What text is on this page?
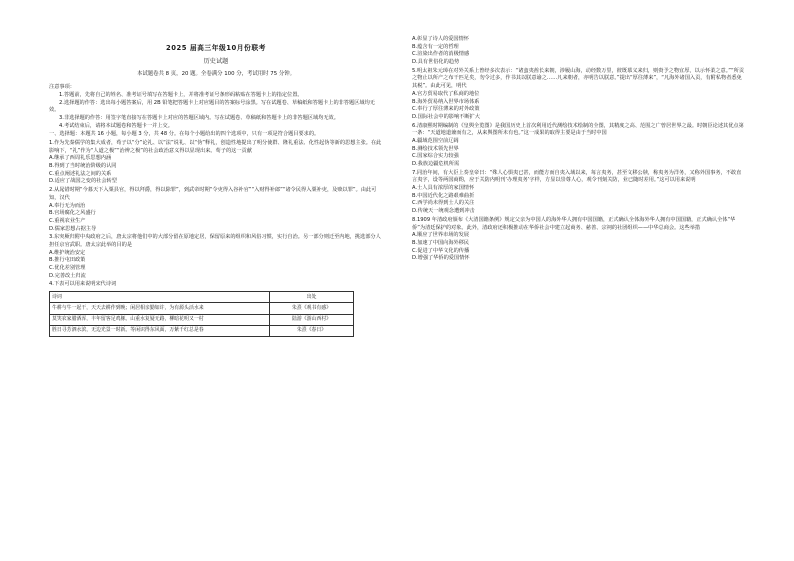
2025 届高三年级10月份联考
历史试题
本试题卷共 8 页，20 题。全卷满分 100 分，考试用时 75 分钟。
注意事项：

1.答题前，先将自己的姓名、准考证号填写在答题卡上，并将准考证号条形码粘贴在答题卡上的指定位置。

2.选择题的作答：选出每小题答案后，用 2B 铅笔把答题卡上对应题目的答案标号涂黑。写在试题卷、草稿纸和答题卡上的非答题区域均无效。

3.非选择题的作答：用签字笔直接写在答题卡上对应的答题区域内。写在试题卷、草稿纸和答题卡上的非答题区域均无效。

4.考试结束后，请将本试题卷和答题卡一并上交。

一、选择题：本题共 16 小题，每小题 3 分，共 48 分。在每个小题给出的四个选项中，只有一项是符合题目要求的。

1.作为先秦儒学的集大成者，荀子以“分”论礼、以“法”说礼、以“伪”释礼，创造性地提出了明分使群、隆礼重法、化性起伪等新的思想主张。在此影响下，“礼”作为“人道之极”“治辨之极”的社会政治意义得以显现出来。荀子的这一贡献

A.继承了西周礼乐思想内涵

B.得到了当时统治阶级的认同

C.重点阐述礼法之间的关系

D.适应了战国之变的社会转型

2.从晁错时期“今募天下入粟县官，得以拜爵，得以除罪”，到武帝时期“令吏得入谷补官”“入财得补郎”“诸令民得入粟补吏，及赎以罪”。由此可知，汉代

A.奉行无为而治

B.官场腐化之风盛行

C.重视农业生产

D.儒家思想占据主导

3.东突厥归附中央政府之后，唐太宗将他们中的大部分留在原地定居，保留原来的组织和风俗习惯，实行自治。另一部分则迁至内地，挑选部分人担任京官武职。唐太宗此举的目的是

A.维护统治安定

B.推行屯田政策

C.优化差别管理

D.完善改土归流

4.下表可以用来说明宋代诗词

诗词	出处
牛耕与牛一起干，天天去耕作到晚；闲居相亲勤如许，为有源头活水来	朱熹《观书有感》
莫笑农家腊酒浑，丰年留客足鸡豚。山重水复疑无路，柳暗花明又一村	陆游《游山西村》
胜日寻芳泗水滨，无边光景一时新。等闲识得东风面，万紫千红总是春	朱熹《春日》

A.彰显了诗人的爱国情怀

B.蕴含有一定的哲理

C.渲染出作者的消极情感

D.具有世俗化的趋势

5.明太祖朱元璋在对外关系上曾经多次表示：“诸蛮夷酋长来朝，涉履山海，动经数万里，彼既慕义来归，则赍予之物宜厚，以示怀柔之意。”“所贡之物止以所产之布干匹足矣，勿令过多，作书其以朕意谕之……凡来朝者，亦明告以朕意。”提出“厚往薄来”，“凡海外诸国入贡，有附私物者悉免其税”。由此可见，明代

A.官方贸易取代了私商的地位

B.海外贸易纳入世界市场体系

C.奉行了厚往薄来的对外政策

D.国际社会中的影响不断扩大

6.清康熙时期编制的《皇舆全览图》是我国历史上首次利用近代测绘技术绘制的全图，其精度之高、范围之广曾居世界之最。时朝臣论述其优点第一条：“天道地道兼而有之，从来舆图所未有也。”这一成果的取得主要是由于当时中国

A.疆域范围空前辽阔

B.测绘技术领先世界

C.国家综合实力较强

D.我族边疆危机所需

7.同治年间，有大臣上奏皇帝曰：“殊人心惧夷已甚，而能方而自夷入域以来，每言夷务，甚至文移公牍，称夷务为洋务，又称外国事务，不敢直言夷字，设等两国商酌，应于关防内明刊‘办理夷务’字样，方显以崇尊人心，观令刊刻关防，业已随时差用。”这可以用来说明

A.士人具有浓厚的家国情怀

B.中国近代化之路艰难曲折

C.西学尚未得到士人的关注

D.传统天一统观念遭到冲击

8.1909 年清政府颁布《大清国籍条例》规定父亲为中国人的海外华人拥有中国国籍，正式确认全体海外华人拥有中国国籍，正式确认全体“华侨”为清廷保护的对象。此外，清政府还积极推动在华侨社会中建立起商务、慈善、宗祠的社团组织——中华总商会。这些举措

A.顺应了世界市场的发展

B.加速了中国向海外移民

C.促进了中华文化的传播

D.增强了华侨的爱国情怀
